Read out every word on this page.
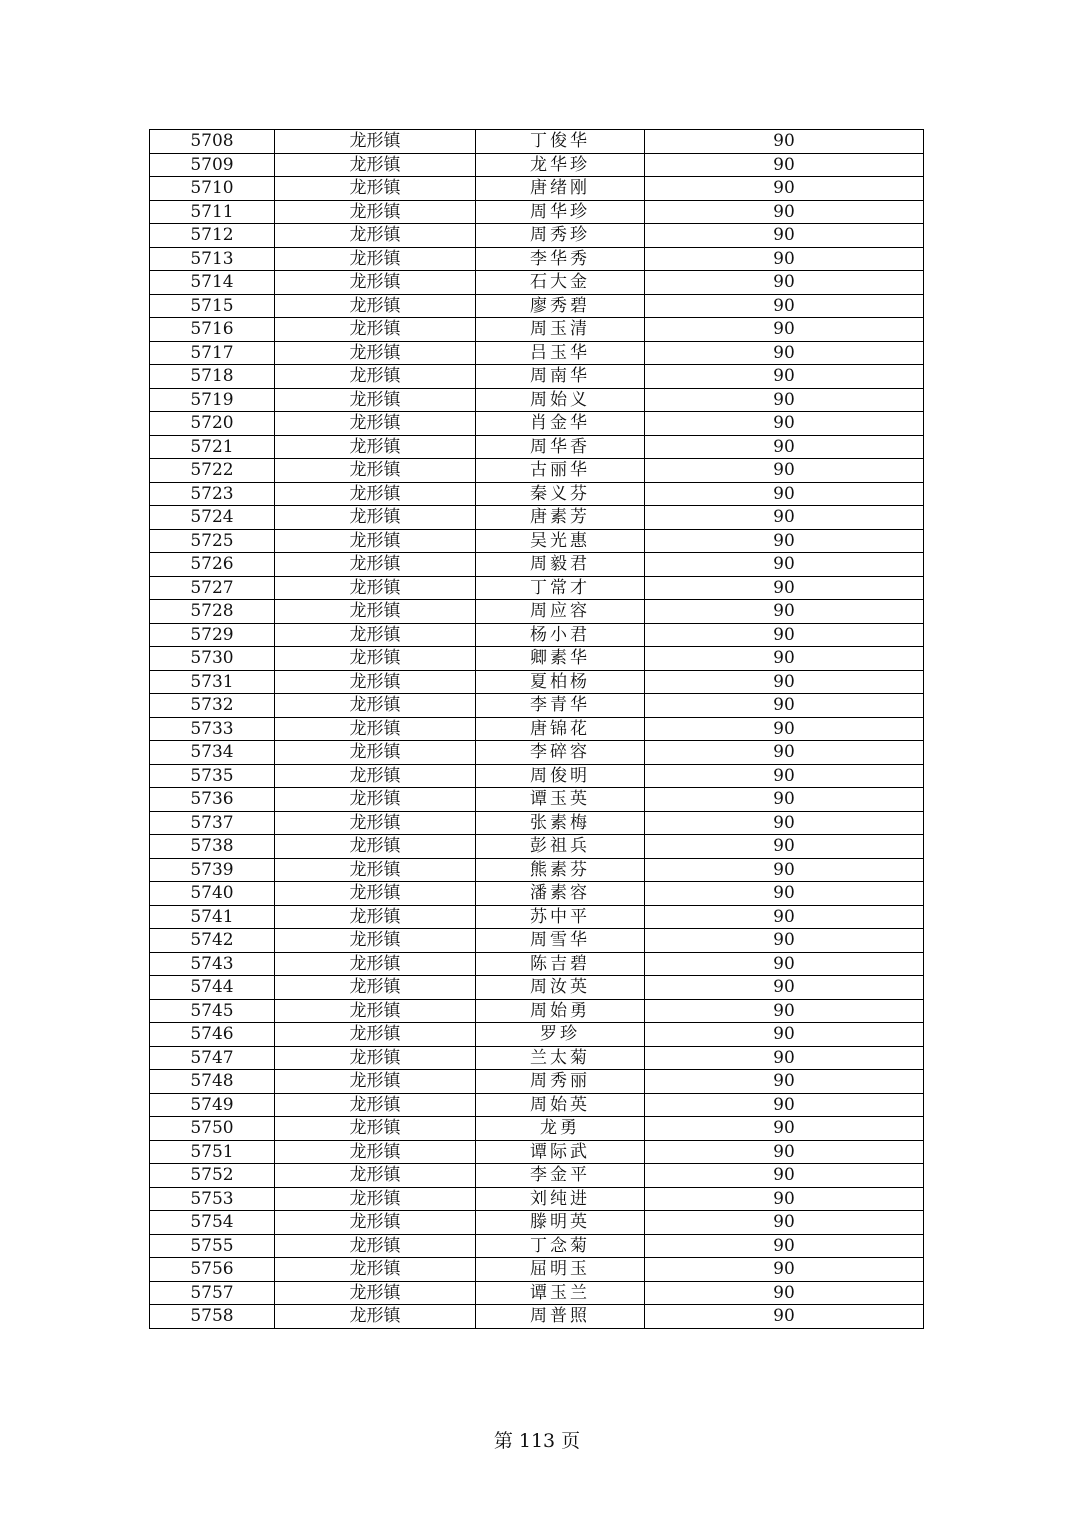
5708	龙形镇	丁俊华	90
5709	龙形镇	龙华珍	90
5710	龙形镇	唐绪刚	90
5711	龙形镇	周华珍	90
5712	龙形镇	周秀珍	90
5713	龙形镇	李华秀	90
5714	龙形镇	石大金	90
5715	龙形镇	廖秀碧	90
5716	龙形镇	周玉清	90
5717	龙形镇	吕玉华	90
5718	龙形镇	周南华	90
5719	龙形镇	周始义	90
5720	龙形镇	肖金华	90
5721	龙形镇	周华香	90
5722	龙形镇	古丽华	90
5723	龙形镇	秦义芬	90
5724	龙形镇	唐素芳	90
5725	龙形镇	吴光惠	90
5726	龙形镇	周毅君	90
5727	龙形镇	丁常才	90
5728	龙形镇	周应容	90
5729	龙形镇	杨小君	90
5730	龙形镇	卿素华	90
5731	龙形镇	夏柏杨	90
5732	龙形镇	李青华	90
5733	龙形镇	唐锦花	90
5734	龙形镇	李碎容	90
5735	龙形镇	周俊明	90
5736	龙形镇	谭玉英	90
5737	龙形镇	张素梅	90
5738	龙形镇	彭祖兵	90
5739	龙形镇	熊素芬	90
5740	龙形镇	潘素容	90
5741	龙形镇	苏中平	90
5742	龙形镇	周雪华	90
5743	龙形镇	陈吉碧	90
5744	龙形镇	周汝英	90
5745	龙形镇	周始勇	90
5746	龙形镇	罗珍	90
5747	龙形镇	兰太菊	90
5748	龙形镇	周秀丽	90
5749	龙形镇	周始英	90
5750	龙形镇	龙勇	90
5751	龙形镇	谭际武	90
5752	龙形镇	李金平	90
5753	龙形镇	刘纯进	90
5754	龙形镇	滕明英	90
5755	龙形镇	丁念菊	90
5756	龙形镇	屈明玉	90
5757	龙形镇	谭玉兰	90
5758	龙形镇	周普照	90
第 113 页
